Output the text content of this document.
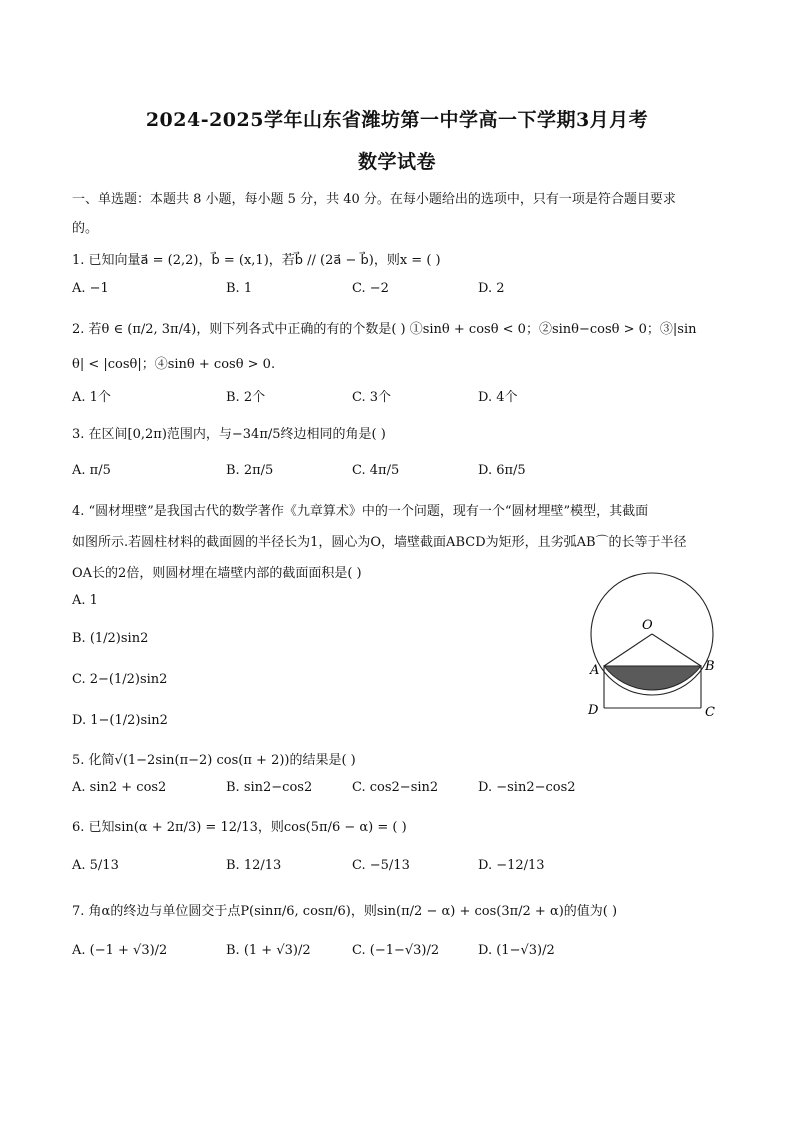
2024-2025学年山东省潍坊第一中学高一下学期3月月考
数学试卷
一、单选题：本题共 8 小题，每小题 5 分，共 40 分。在每小题给出的选项中，只有一项是符合题目要求
的。
1. 已知向量a⃗ = (2,2)，b⃗ = (x,1)，若b⃗ // (2a⃗ − b⃗)，则x = ( )
A. −1	B. 1	C. −2	D. 2
2. 若θ ∈ (π/2, 3π/4)，则下列各式中正确的有的个数是( ) ①sinθ + cosθ < 0；②sinθ−cosθ > 0；③|sin
θ| < |cosθ|；④sinθ + cosθ > 0.
A. 1个	B. 2个	C. 3个	D. 4个
3. 在区间[0,2π)范围内，与−34π/5终边相同的角是( )
A. π/5	B. 2π/5	C. 4π/5	D. 6π/5
4. “圆材埋壁”是我国古代的数学著作《九章算术》中的一个问题，现有一个“圆材埋壁”模型，其截面
如图所示.若圆柱材料的截面圆的半径长为1，圆心为O，墙壁截面ABCD为矩形，且劣弧AB⌒的长等于半径
OA长的2倍，则圆材埋在墙壁内部的截面面积是( )
A. 1
B. (1/2)sin2
C. 2−(1/2)sin2
D. 1−(1/2)sin2
O
A	B
C
D
5. 化简√(1−2sin(π−2) cos(π + 2))的结果是( )
A. sin2 + cos2	B. sin2−cos2	C. cos2−sin2	D. −sin2−cos2
6. 已知sin(α + 2π/3) = 12/13，则cos(5π/6 − α) = ( )
A. 5/13	B. 12/13	C. −5/13	D. −12/13
7. 角α的终边与单位圆交于点P(sinπ/6, cosπ/6)，则sin(π/2 − α) + cos(3π/2 + α)的值为( )
A. (−1 + √3)/2	B. (1 + √3)/2	C. (−1−√3)/2	D. (1−√3)/2
